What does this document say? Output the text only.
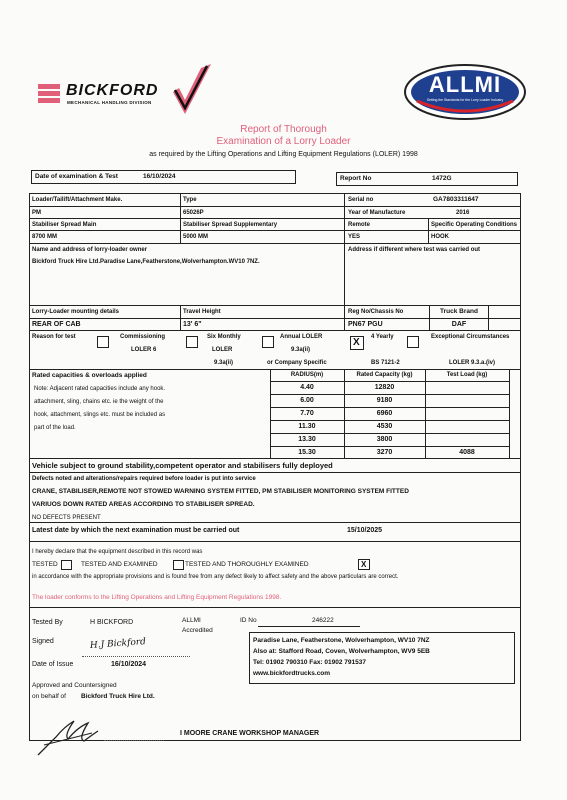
BICKFORD
MECHANICAL HANDLING DIVISION
ALLMI
Setting the Standards for the Lorry Loader Industry
Report of Thorough
Examination of a Lorry Loader
as required by the Lifting Operations and Lifting Equipment Regulations (LOLER) 1998
Date of examination & Test	16/10/2024	Report No	1472G
Loader/Tailift/Attachment Make.
PM
Type
65026P
Serial no	GA7803311647
Year of Manufacture	2016
Stabiliser Spread Main
8700 MM
Stabiliser Spread Supplementary
5000 MM
Remote
YES
Specific Operating Conditions
HOOK
Name and address of lorry-loader owner
Bickford Truck Hire Ltd.Paradise Lane,Featherstone,Wolverhampton.WV10 7NZ.
Address if different where test was carried out
Lorry-Loader mounting details
REAR OF CAB
Travel Height
13' 6"
Reg No/Chassis No
PN67 PGU
Truck Brand
DAF
Reason for test	Commissioning
LOLER 6
Six Monthly
LOLER
9.3a(ii)
Annual LOLER
9.3a(ii)
or Company Specific
X 4 Yearly
BS 7121-2
Exceptional Circumstances
LOLER 9.3.a.(iv)
Rated capacities & overloads applied
Note: Adjacent rated capacities include any hook.
attachment, sling, chains etc. ie the weight of the
hook, attachment, slings etc. must be included as
part of the load.
RADIUS(m)	Rated Capacity (kg)	Test Load (kg)
4.40	12820
6.00	9180
7.70	6960
11.30	4530
13.30	3800
15.30	3270	4088
Vehicle subject to ground stability,competent operator and stabilisers fully deployed
Defects noted and alterations/repairs required before loader is put into service
CRANE, STABILISER,REMOTE NOT STOWED WARNING SYSTEM FITTED, PM STABILISER MONITORING SYSTEM FITTED
VARIUOS DOWN RATED AREAS ACCORDING TO STABILISER SPREAD.
NO DEFECTS PRESENT
Latest date by which the next examination must be carried out	15/10/2025
I hereby declare that the equipment described in this record was
TESTED	TESTED AND EXAMINED	TESTED AND THOROUGHLY EXAMINED	X
in accordance with the appropriate provisions and is found free from any defect likely to affect safety and the above particulars are correct.
The loader conforms to the Lifting Operations and Lifting Equipment Regulations 1998.
Tested By	H BICKFORD	ALLMI
Accredited
ID No	246222
Signed	H.J Bickford
Date of Issue	16/10/2024
Paradise Lane, Featherstone, Wolverhampton, WV10 7NZ
Also at: Stafford Road, Coven, Wolverhampton, WV9 5EB
Tel: 01902 790310 Fax: 01902 791537
www.bickfordtrucks.com
Approved and Countersigned
on behalf of Bickford Truck Hire Ltd.
I MOORE CRANE WORKSHOP MANAGER
